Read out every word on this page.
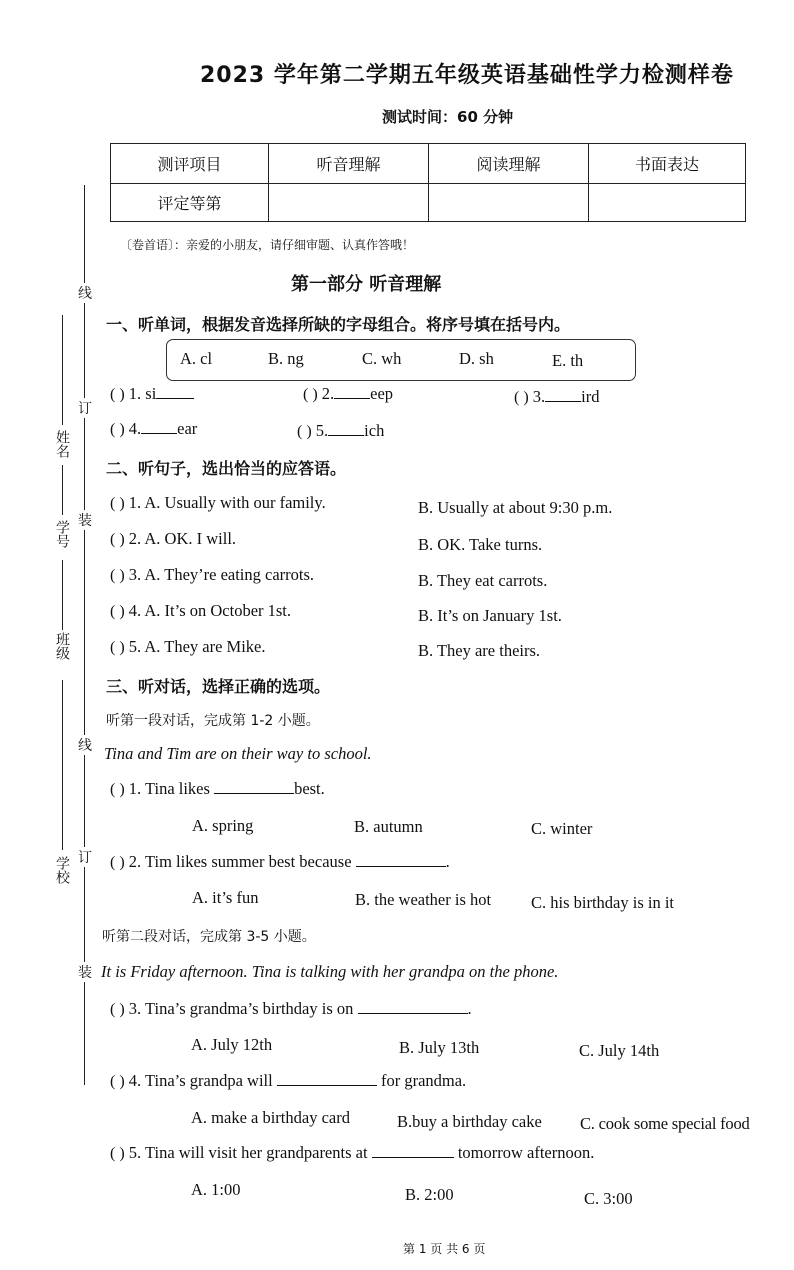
线
订
装
线
订
装
姓名
学号
班级
学校
2023 学年第二学期五年级英语基础性学力检测样卷
测试时间：60 分钟
测评项目	听音理解	阅读理解	书面表达
评定等第			
〔卷首语〕：亲爱的小朋友，请仔细审题、认真作答哦！
第一部分 听音理解
一、听单词，根据发音选择所缺的字母组合。将序号填在括号内。
A. cl	B. ng	C. wh	D. sh	E. th
( ) 1. si	( ) 2. eep	( ) 3. ird
( ) 4. ear	( ) 5. ich
二、听句子，选出恰当的应答语。
( ) 1. A. Usually with our family.	B. Usually at about 9:30 p.m.
( ) 2. A. OK. I will.	B. OK. Take turns.
( ) 3. A. They’re eating carrots.	B. They eat carrots.
( ) 4. A. It’s on October 1st.	B. It’s on January 1st.
( ) 5. A. They are Mike.	B. They are theirs.
三、听对话，选择正确的选项。
听第一段对话，完成第 1-2 小题。
Tina and Tim are on their way to school.
( ) 1. Tina likes	best.
A. spring	B. autumn	C. winter
( ) 2. Tim likes summer best because	.
A. it’s fun	B. the weather is hot C. his birthday is in it
听第二段对话，完成第 3-5 小题。
It is Friday afternoon. Tina is talking with her grandpa on the phone.
( ) 3. Tina’s grandma’s birthday is on	.
A. July 12th	B. July 13th	C. July 14th
( ) 4. Tina’s grandpa will	for grandma.
A. make a birthday card	B.buy a birthday cake C. cook some special food
( ) 5. Tina will visit her grandparents at	tomorrow afternoon.
A. 1:00	B. 2:00	C. 3:00
第 1 页 共 6 页
